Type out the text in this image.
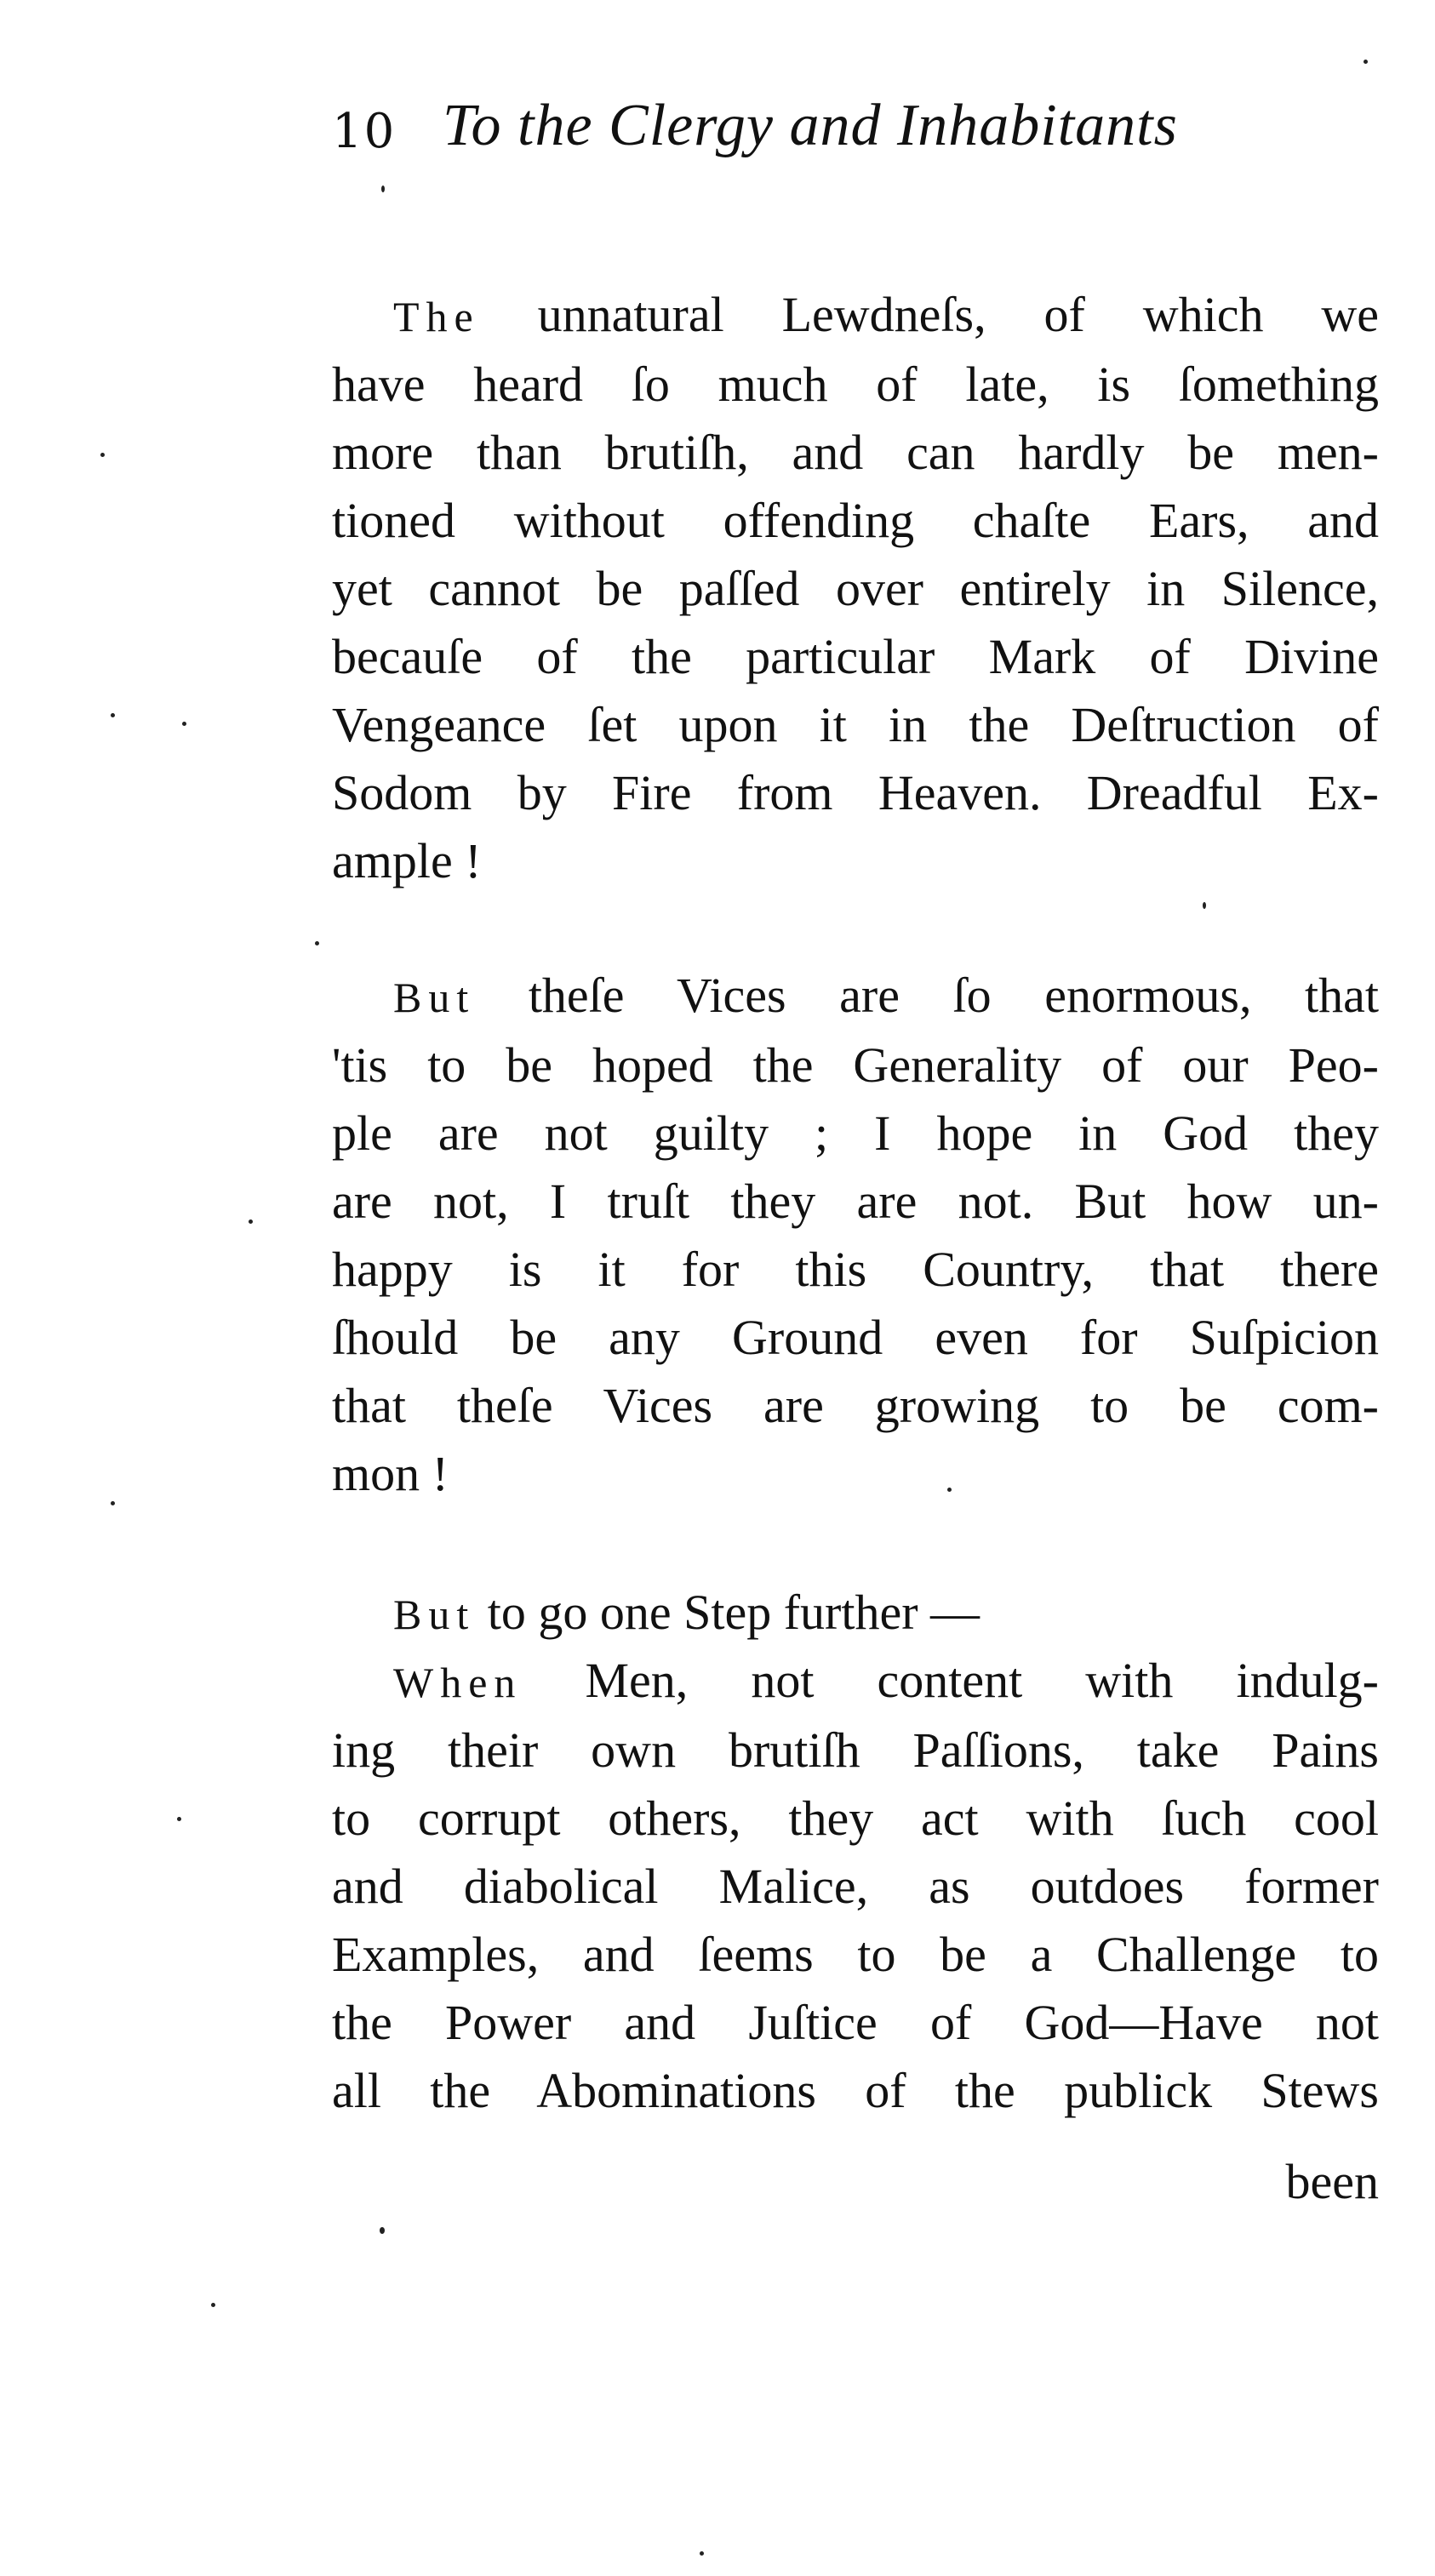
10 To the Clergy and Inhabitants
The unnatural Lewdneſs, of which we
have heard ſo much of late, is ſomething
more than brutiſh, and can hardly be men-
tioned without offending chaſte Ears, and
yet cannot be paſſed over entirely in Silence,
becauſe of the particular Mark of Divine
Vengeance ſet upon it in the Deſtruction of
Sodom by Fire from Heaven. Dreadful Ex-
ample !
But theſe Vices are ſo enormous, that
'tis to be hoped the Generality of our Peo-
ple are not guilty ; I hope in God they
are not, I truſt they are not. But how un-
happy is it for this Country, that there
ſhould be any Ground even for Suſpicion
that theſe Vices are growing to be com-
mon !
But to go one Step further —
When Men, not content with indulg-
ing their own brutiſh Paſſions, take Pains
to corrupt others, they act with ſuch cool
and diabolical Malice, as outdoes former
Examples, and ſeems to be a Challenge to
the Power and Juſtice of God—Have not
all the Abominations of the publick Stews
been
